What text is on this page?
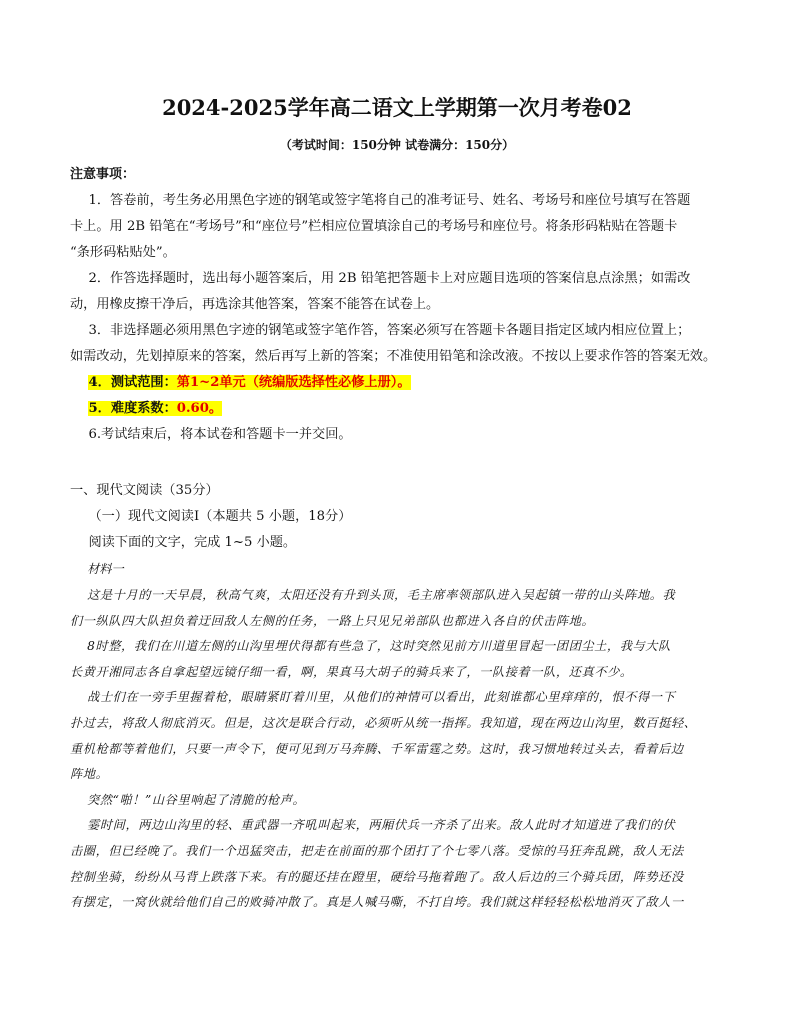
2024-2025学年高二语文上学期第一次月考卷02
（考试时间：150分钟 试卷满分：150分）

注意事项：

1．答卷前，考生务必用黑色字迹的钢笔或签字笔将自己的准考证号、姓名、考场号和座位号填写在答题

卡上。用 2B 铅笔在“考场号”和“座位号”栏相应位置填涂自己的考场号和座位号。将条形码粘贴在答题卡

“条形码粘贴处”。

2．作答选择题时，选出每小题答案后，用 2B 铅笔把答题卡上对应题目选项的答案信息点涂黑；如需改

动，用橡皮擦干净后，再选涂其他答案，答案不能答在试卷上。

3．非选择题必须用黑色字迹的钢笔或签字笔作答，答案必须写在答题卡各题目指定区域内相应位置上；

如需改动，先划掉原来的答案，然后再写上新的答案；不准使用铅笔和涂改液。不按以上要求作答的答案无效。

4．测试范围：第1~2单元（统编版选择性必修上册）。

5．难度系数：0.60。

6.考试结束后，将本试卷和答题卡一并交回。

一、现代文阅读（35分）

（一）现代文阅读Ⅰ（本题共 5 小题，18分）

阅读下面的文字，完成 1~5 小题。

材料一

这是十月的一天早晨，秋高气爽，太阳还没有升到头顶，毛主席率领部队进入吴起镇一带的山头阵地。我

们一纵队四大队担负着迂回敌人左侧的任务，一路上只见兄弟部队也都进入各自的伏击阵地。

8时整，我们在川道左侧的山沟里埋伏得都有些急了，这时突然见前方川道里冒起一团团尘土，我与大队

长黄开湘同志各自拿起望远镜仔细一看，啊，果真马大胡子的骑兵来了，一队接着一队，还真不少。

战士们在一旁手里握着枪，眼睛紧盯着川里，从他们的神情可以看出，此刻谁都心里痒痒的，恨不得一下

扑过去，将敌人彻底消灭。但是，这次是联合行动，必须听从统一指挥。我知道，现在两边山沟里，数百挺轻、

重机枪都等着他们，只要一声令下，便可见到万马奔腾、千军雷霆之势。这时，我习惯地转过头去，看着后边

阵地。

突然“啪！”山谷里响起了清脆的枪声。

霎时间，两边山沟里的轻、重武器一齐吼叫起来，两厢伏兵一齐杀了出来。敌人此时才知道进了我们的伏

击圈，但已经晚了。我们一个迅猛突击，把走在前面的那个团打了个七零八落。受惊的马狂奔乱跳，敌人无法

控制坐骑，纷纷从马背上跌落下来。有的腿还挂在蹬里，硬给马拖着跑了。敌人后边的三个骑兵团，阵势还没

有摆定，一窝伙就给他们自己的败骑冲散了。真是人喊马嘶，不打自垮。我们就这样轻轻松松地消灭了敌人一
